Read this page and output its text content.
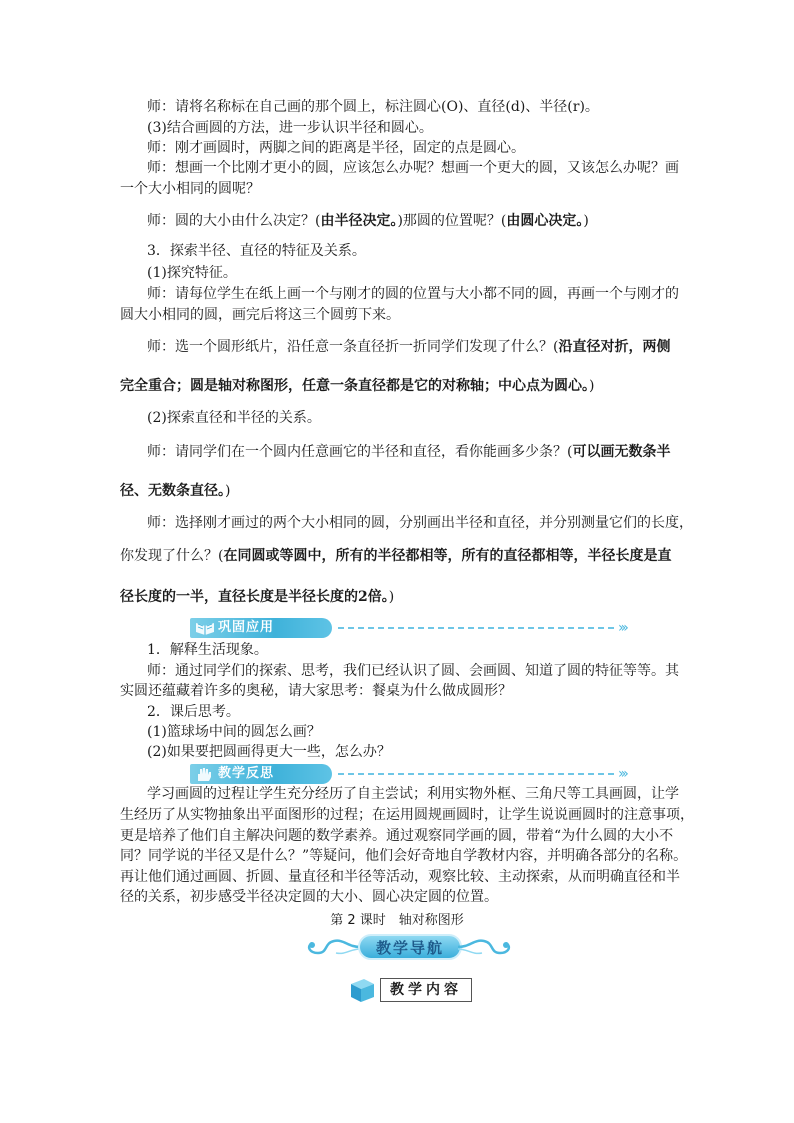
师：请将名称标在自己画的那个圆上，标注圆心(O)、直径(d)、半径(r)。
(3)结合画圆的方法，进一步认识半径和圆心。
师：刚才画圆时，两脚之间的距离是半径，固定的点是圆心。
师：想画一个比刚才更小的圆，应该怎么办呢？想画一个更大的圆，又该怎么办呢？画
一个大小相同的圆呢？
师：圆的大小由什么决定？(由半径决定。)那圆的位置呢？(由圆心决定。)
3．探索半径、直径的特征及关系。
(1)探究特征。
师：请每位学生在纸上画一个与刚才的圆的位置与大小都不同的圆，再画一个与刚才的
圆大小相同的圆，画完后将这三个圆剪下来。
师：选一个圆形纸片，沿任意一条直径折一折同学们发现了什么？(沿直径对折，两侧
完全重合；圆是轴对称图形，任意一条直径都是它的对称轴；中心点为圆心。)
(2)探索直径和半径的关系。
师：请同学们在一个圆内任意画它的半径和直径，看你能画多少条？(可以画无数条半
径、无数条直径。)
师：选择刚才画过的两个大小相同的圆，分别画出半径和直径，并分别测量它们的长度，
你发现了什么？(在同圆或等圆中，所有的半径都相等，所有的直径都相等，半径长度是直
径长度的一半，直径长度是半径长度的2倍。)
巩固应用	›››
1．解释生活现象。
师：通过同学们的探索、思考，我们已经认识了圆、会画圆、知道了圆的特征等等。其
实圆还蕴藏着许多的奥秘，请大家思考：餐桌为什么做成圆形？
2．课后思考。
(1)篮球场中间的圆怎么画？
(2)如果要把圆画得更大一些，怎么办？
教学反思	›››
学习画圆的过程让学生充分经历了自主尝试；利用实物外框、三角尺等工具画圆，让学
生经历了从实物抽象出平面图形的过程；在运用圆规画圆时，让学生说说画圆时的注意事项，
更是培养了他们自主解决问题的数学素养。通过观察同学画的圆，带着“为什么圆的大小不
同？同学说的半径又是什么？”等疑问，他们会好奇地自学教材内容，并明确各部分的名称。
再让他们通过画圆、折圆、量直径和半径等活动，观察比较、主动探索，从而明确直径和半
径的关系，初步感受半径决定圆的大小、圆心决定圆的位置。
第 2 课时　轴对称图形
教学导航
教学内容
